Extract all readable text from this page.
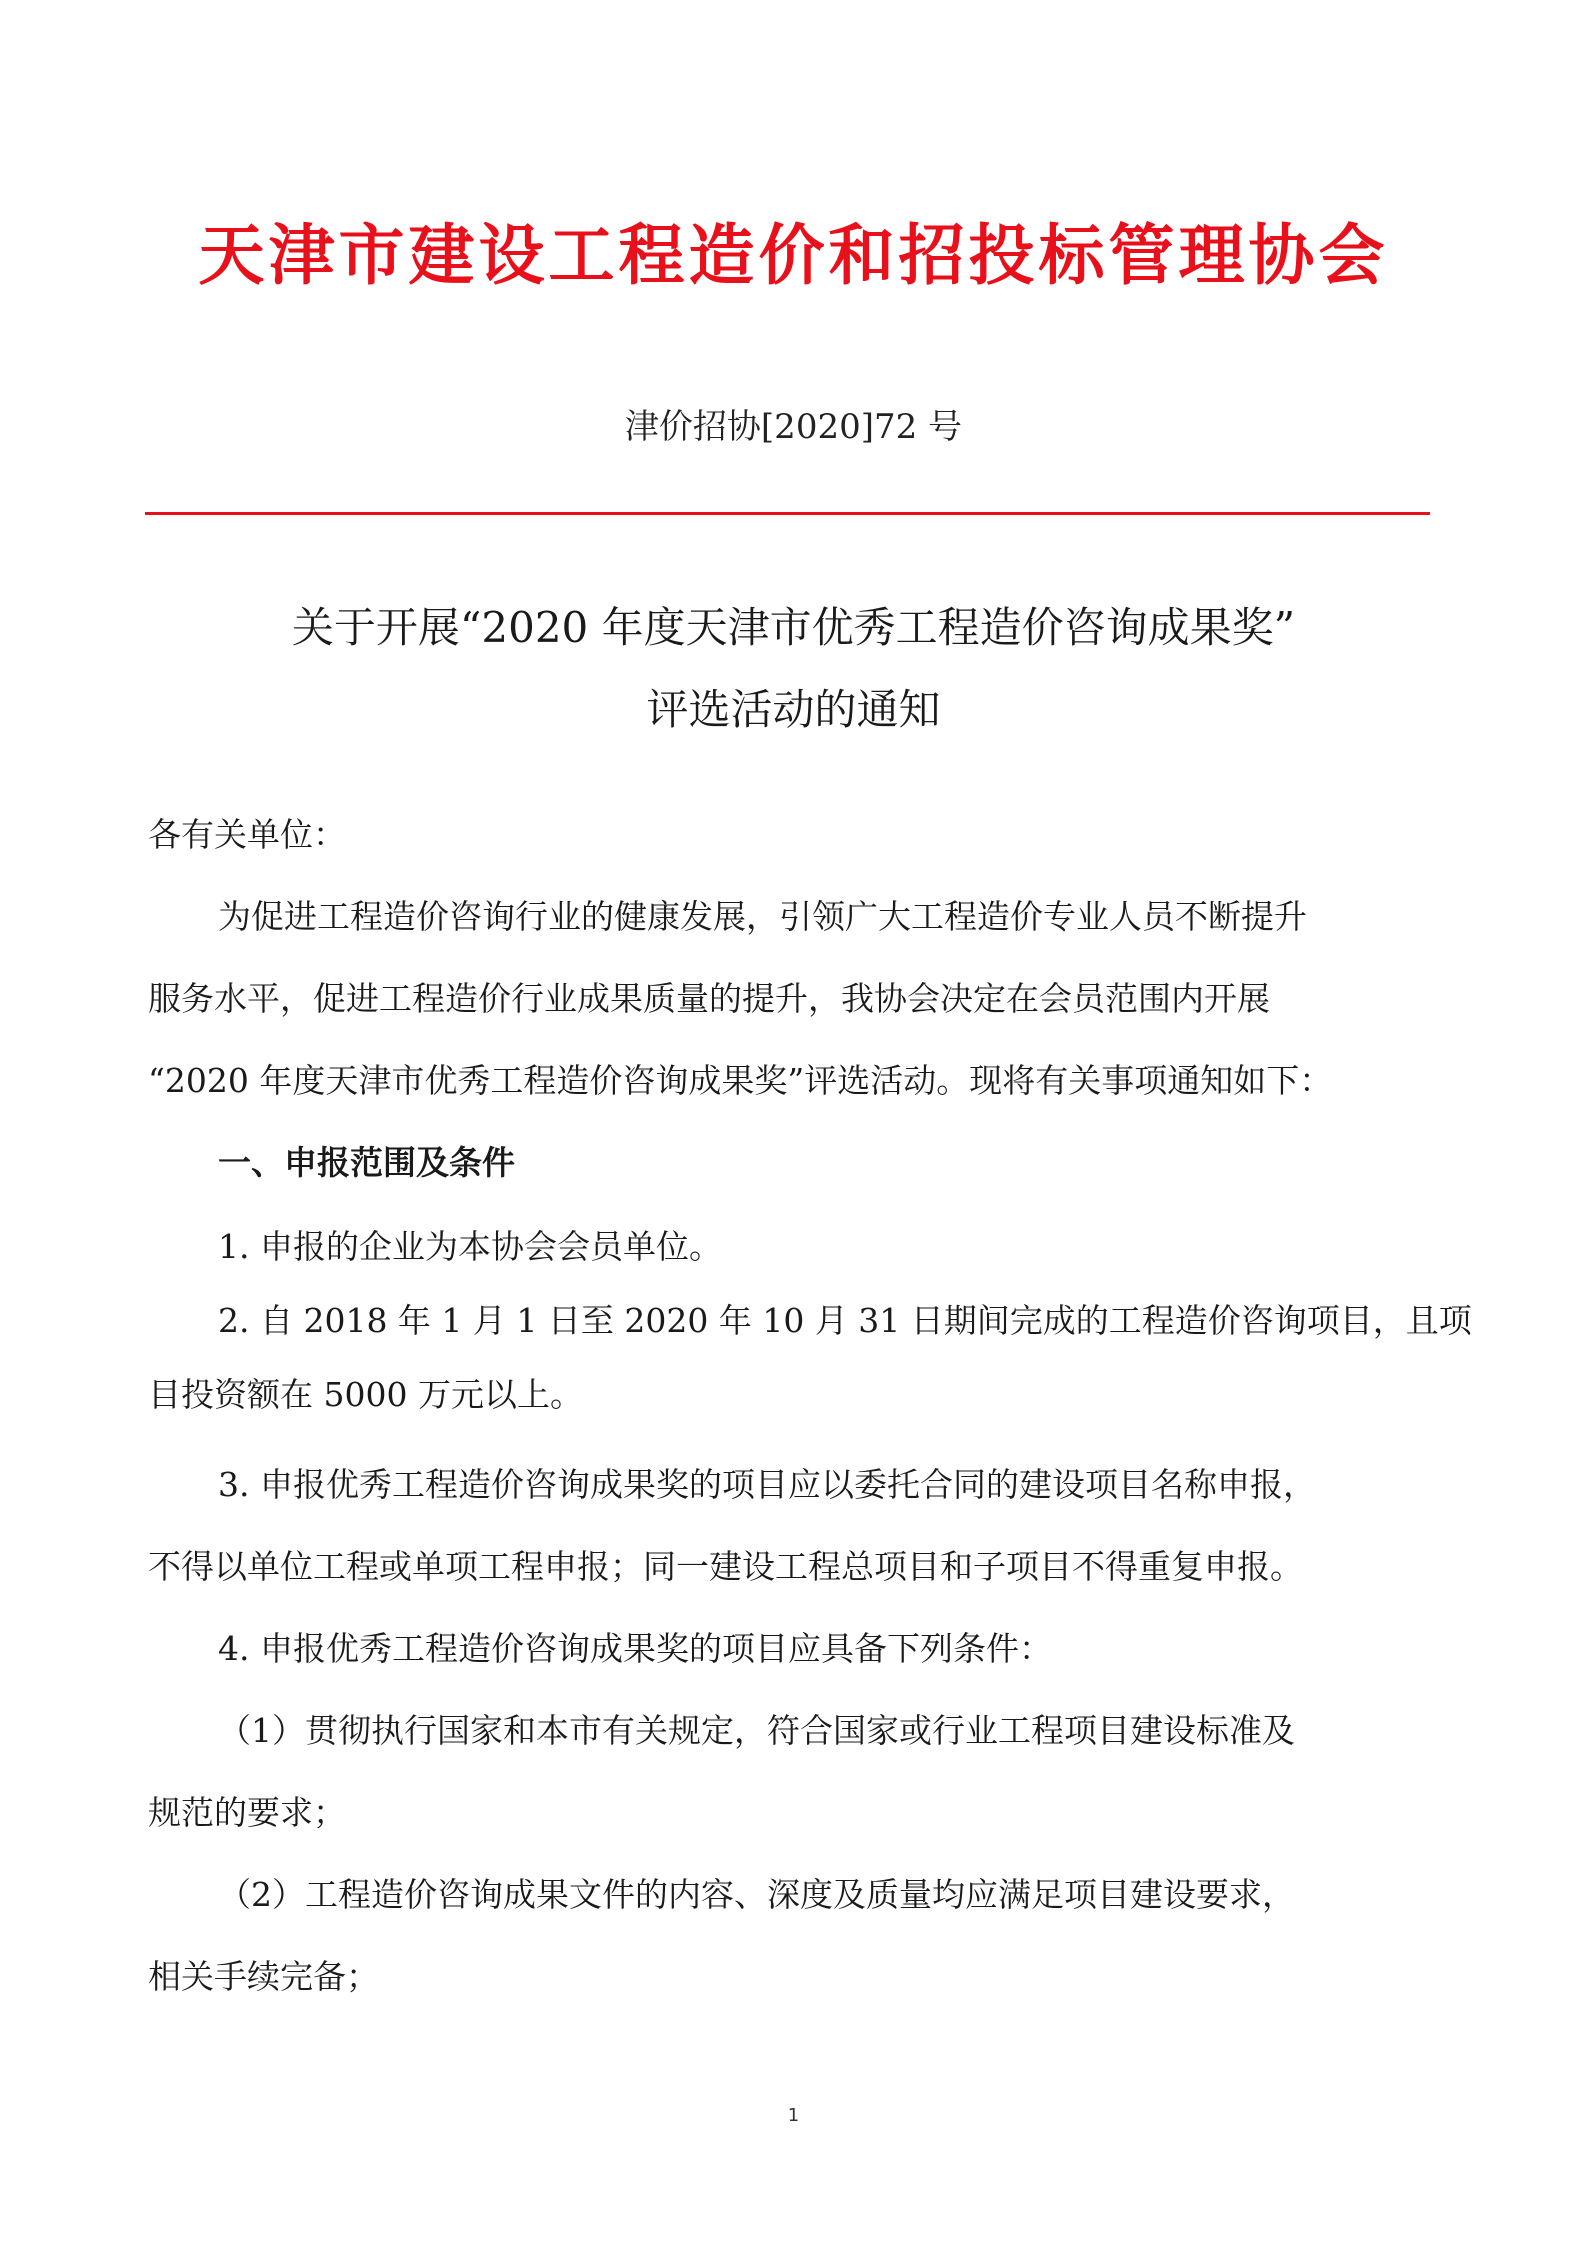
天津市建设工程造价和招投标管理协会
津价招协[2020]72 号
关于开展“2020 年度天津市优秀工程造价咨询成果奖”
评选活动的通知
各有关单位：
为促进工程造价咨询行业的健康发展，引领广大工程造价专业人员不断提升
服务水平，促进工程造价行业成果质量的提升，我协会决定在会员范围内开展
“2020 年度天津市优秀工程造价咨询成果奖”评选活动。现将有关事项通知如下：
一、申报范围及条件
1. 申报的企业为本协会会员单位。
2. 自 2018 年 1 月 1 日至 2020 年 10 月 31 日期间完成的工程造价咨询项目，且项
目投资额在 5000 万元以上。
3. 申报优秀工程造价咨询成果奖的项目应以委托合同的建设项目名称申报，
不得以单位工程或单项工程申报；同一建设工程总项目和子项目不得重复申报。
4. 申报优秀工程造价咨询成果奖的项目应具备下列条件：
（1）贯彻执行国家和本市有关规定，符合国家或行业工程项目建设标准及
规范的要求；
（2）工程造价咨询成果文件的内容、深度及质量均应满足项目建设要求，
相关手续完备；
1
